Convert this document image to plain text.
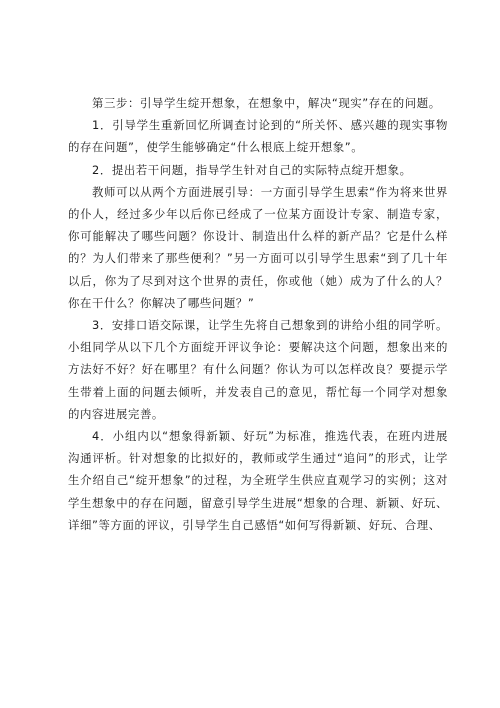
第三步：引导学生绽开想象，在想象中，解决“现实”存在的问题。

1．引导学生重新回忆所调查讨论到的“所关怀、感兴趣的现实事物的存在问题”，使学生能够确定“什么根底上绽开想象”。

2．提出若干问题，指导学生针对自己的实际特点绽开想象。

教师可以从两个方面进展引导：一方面引导学生思索“作为将来世界的仆人，经过多少年以后你已经成了一位某方面设计专家、制造专家，你可能解决了哪些问题？你设计、制造出什么样的新产品？它是什么样的？为人们带来了那些便利？”另一方面可以引导学生思索“到了几十年以后，你为了尽到对这个世界的责任，你或他（她）成为了什么的人？你在干什么？你解决了哪些问题？”

3．安排口语交际课，让学生先将自己想象到的讲给小组的同学听。小组同学从以下几个方面绽开评议争论：要解决这个问题，想象出来的方法好不好？好在哪里？有什么问题？你认为可以怎样改良？要提示学生带着上面的问题去倾听，并发表自己的意见，帮忙每一个同学对想象的内容进展完善。

4．小组内以“想象得新颖、好玩”为标准，推选代表，在班内进展沟通评析。针对想象的比拟好的，教师或学生通过“追问”的形式，让学生介绍自己“绽开想象”的过程，为全班学生供应直观学习的实例；这对学生想象中的存在问题，留意引导学生进展“想象的合理、新颖、好玩、详细”等方面的评议，引导学生自己感悟“如何写得新颖、好玩、合理、
